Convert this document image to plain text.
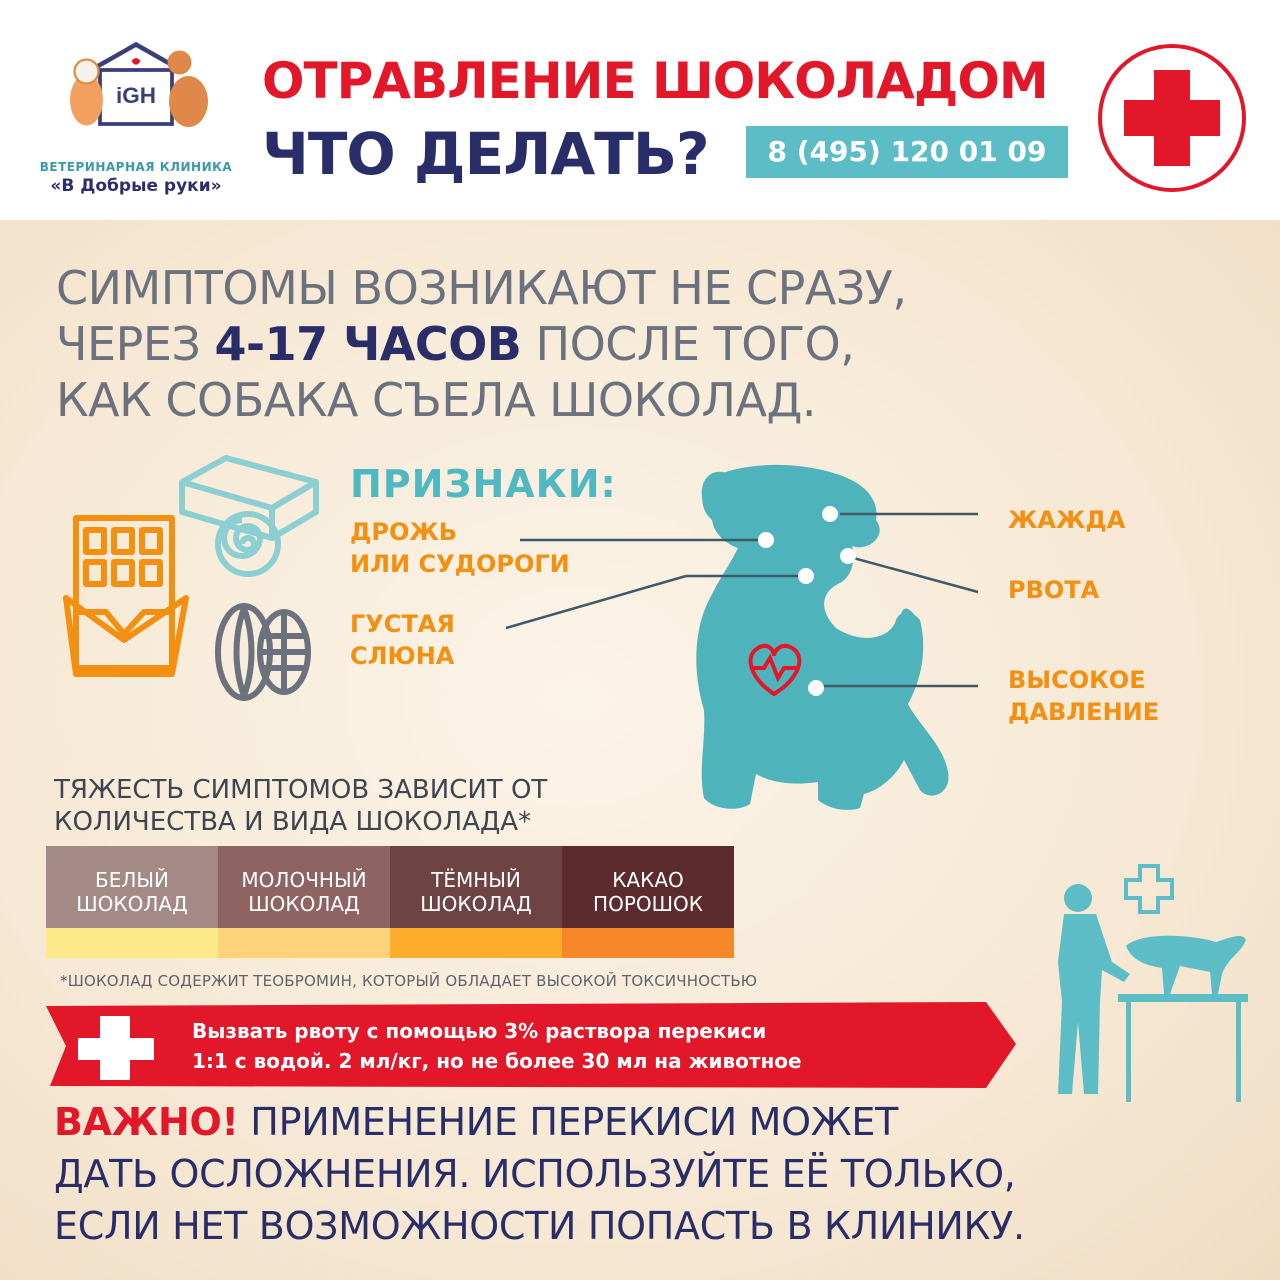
iGH
ВЕТЕРИНАРНАЯ КЛИНИКА
«В Добрые руки»
ОТРАВЛЕНИЕ ШОКОЛАДОМ
ЧТО ДЕЛАТЬ?	8 (495) 120 01 09
СИМПТОМЫ ВОЗНИКАЮТ НЕ СРАЗУ,
ЧЕРЕЗ 4-17 ЧАСОВ ПОСЛЕ ТОГО,
КАК СОБАКА СЪЕЛА ШОКОЛАД.
ПРИЗНАКИ:
ДРОЖЬ
ИЛИ СУДОРОГИ
ГУСТАЯ
СЛЮНА
ЖАЖДА
РВОТА
ВЫСОКОЕ
ДАВЛЕНИЕ
ТЯЖЕСТЬ СИМПТОМОВ ЗАВИСИТ ОТ
КОЛИЧЕСТВА И ВИДА ШОКОЛАДА*
БЕЛЫЙ
ШОКОЛАД
МОЛОЧНЫЙ
ШОКОЛАД
ТЁМНЫЙ
ШОКОЛАД
КАКАО
ПОРОШОК
*ШОКОЛАД СОДЕРЖИТ ТЕОБРОМИН, КОТОРЫЙ ОБЛАДАЕТ ВЫСОКОЙ ТОКСИЧНОСТЬЮ
Вызвать рвоту с помощью 3% раствора перекиси
1:1 с водой. 2 мл/кг, но не более 30 мл на животное
ВАЖНО! ПРИМЕНЕНИЕ ПЕРЕКИСИ МОЖЕТ
ДАТЬ ОСЛОЖНЕНИЯ. ИСПОЛЬЗУЙТЕ ЕЁ ТОЛЬКО,
ЕСЛИ НЕТ ВОЗМОЖНОСТИ ПОПАСТЬ В КЛИНИКУ.
